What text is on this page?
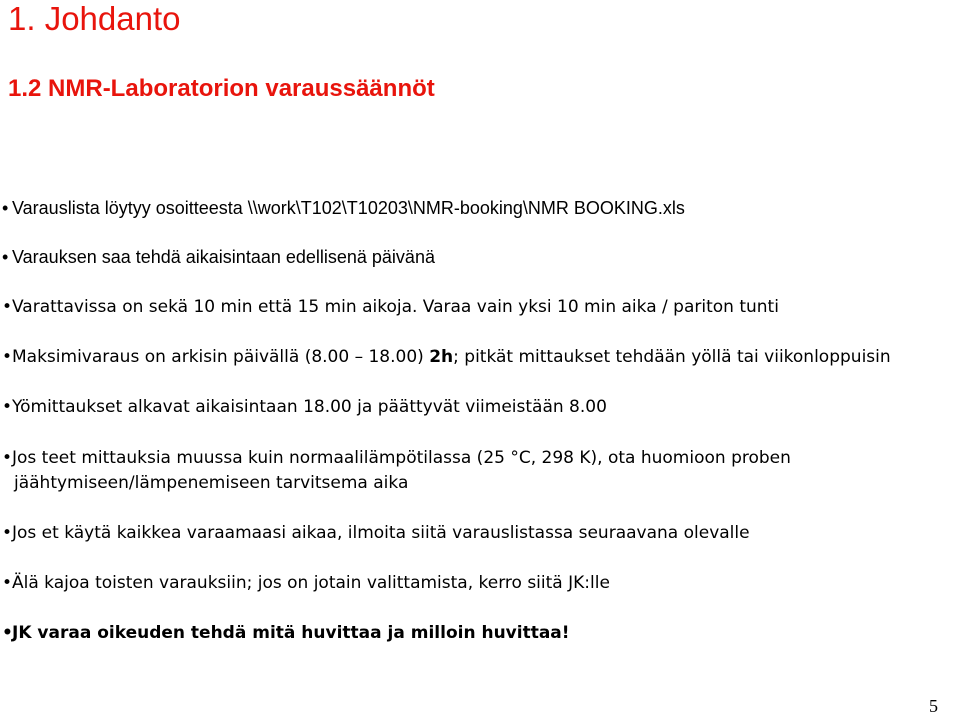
1. Johdanto
1.2 NMR-Laboratorion varaussäännöt
• Varauslista löytyy osoitteesta \\work\T102\T10203\NMR-booking\NMR BOOKING.xls
• Varauksen saa tehdä aikaisintaan edellisenä päivänä
•Varattavissa on sekä 10 min että 15 min aikoja. Varaa vain yksi 10 min aika / pariton tunti
•Maksimivaraus on arkisin päivällä (8.00 – 18.00) 2h; pitkät mittaukset tehdään yöllä tai viikonloppuisin
•Yömittaukset alkavat aikaisintaan 18.00 ja päättyvät viimeistään 8.00
•Jos teet mittauksia muussa kuin normaalilämpötilassa (25 °C, 298 K), ota huomioon proben
jäähtymiseen/lämpenemiseen tarvitsema aika
•Jos et käytä kaikkea varaamaasi aikaa, ilmoita siitä varauslistassa seuraavana olevalle
•Älä kajoa toisten varauksiin; jos on jotain valittamista, kerro siitä JK:lle
•JK varaa oikeuden tehdä mitä huvittaa ja milloin huvittaa!
5
